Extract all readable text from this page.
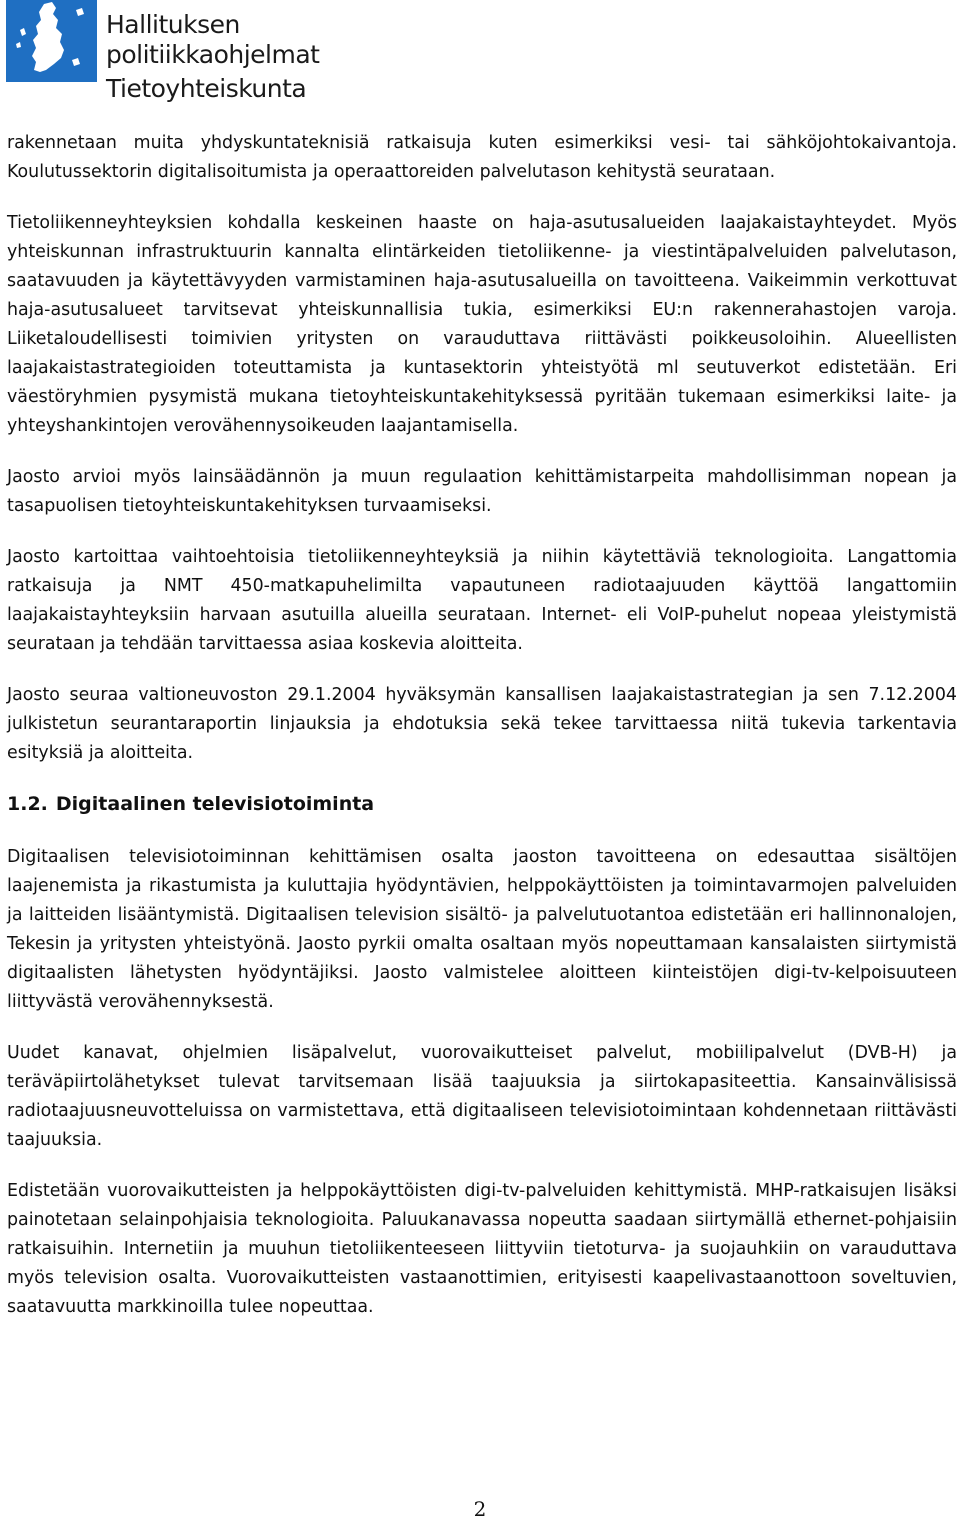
Hallituksen politiikkaohjelmat
Tietoyhteiskunta

rakennetaan muita yhdyskuntateknisiä ratkaisuja kuten esimerkiksi vesi- tai sähköjohtokaivantoja. Koulutussektorin digitalisoitumista ja operaattoreiden palvelutason kehitystä seurataan.

Tietoliikenneyhteyksien kohdalla keskeinen haaste on haja-asutusalueiden laajakaistayhteydet. Myös yhteiskunnan infrastruktuurin kannalta elintärkeiden tietoliikenne- ja viestintäpalveluiden palvelutason, saatavuuden ja käytettävyyden varmistaminen haja-asutusalueilla on tavoitteena. Vaikeimmin verkottuvat haja-asutusalueet tarvitsevat yhteiskunnallisia tukia, esimerkiksi EU:n rakennerahastojen varoja. Liiketaloudellisesti toimivien yritysten on varauduttava riittävästi poikkeusoloihin. Alueellisten laajakaistastrategioiden toteuttamista ja kuntasektorin yhteistyötä ml seutuverkot edistetään. Eri väestöryhmien pysymistä mukana tietoyhteiskuntakehityksessä pyritään tukemaan esimerkiksi laite- ja yhteyshankintojen verovähennysoikeuden laajantamisella.

Jaosto arvioi myös lainsäädännön ja muun regulaation kehittämistarpeita mahdollisimman nopean ja tasapuolisen tietoyhteiskuntakehityksen turvaamiseksi.

Jaosto kartoittaa vaihtoehtoisia tietoliikenneyhteyksiä ja niihin käytettäviä teknologioita. Langattomia ratkaisuja ja NMT 450-matkapuhelimilta vapautuneen radiotaajuuden käyttöä langattomiin laajakaistayhteyksiin harvaan asutuilla alueilla seurataan. Internet- eli VoIP-puhelut nopeaa yleistymistä seurataan ja tehdään tarvittaessa asiaa koskevia aloitteita.

Jaosto seuraa valtioneuvoston 29.1.2004 hyväksymän kansallisen laajakaistastrategian ja sen 7.12.2004 julkistetun seurantaraportin linjauksia ja ehdotuksia sekä tekee tarvittaessa niitä tukevia tarkentavia esityksiä ja aloitteita.

1.2. Digitaalinen televisiotoiminta

Digitaalisen televisiotoiminnan kehittämisen osalta jaoston tavoitteena on edesauttaa sisältöjen laajenemista ja rikastumista ja kuluttajia hyödyntävien, helppokäyttöisten ja toimintavarmojen palveluiden ja laitteiden lisääntymistä. Digitaalisen television sisältö- ja palvelutuotantoa edistetään eri hallinnonalojen, Tekesin ja yritysten yhteistyönä. Jaosto pyrkii omalta osaltaan myös nopeuttamaan kansalaisten siirtymistä digitaalisten lähetysten hyödyntäjiksi. Jaosto valmistelee aloitteen kiinteistöjen digi-tv-kelpoisuuteen liittyvästä verovähennyksestä.

Uudet kanavat, ohjelmien lisäpalvelut, vuorovaikutteiset palvelut, mobiilipalvelut (DVB-H) ja teräväpiirtolähetykset tulevat tarvitsemaan lisää taajuuksia ja siirtokapasiteettia. Kansainvälisissä radiotaajuusneuvotteluissa on varmistettava, että digitaaliseen televisiotoimintaan kohdennetaan riittävästi taajuuksia.

Edistetään vuorovaikutteisten ja helppokäyttöisten digi-tv-palveluiden kehittymistä. MHP-ratkaisujen lisäksi painotetaan selainpohjaisia teknologioita. Paluukanavassa nopeutta saadaan siirtymällä ethernet-pohjaisiin ratkaisuihin. Internetiin ja muuhun tietoliikenteeseen liittyviin tietoturva- ja suojauhkiin on varauduttava myös television osalta. Vuorovaikutteisten vastaanottimien, erityisesti kaapelivastaanottoon soveltuvien, saatavuutta markkinoilla tulee nopeuttaa.

2
